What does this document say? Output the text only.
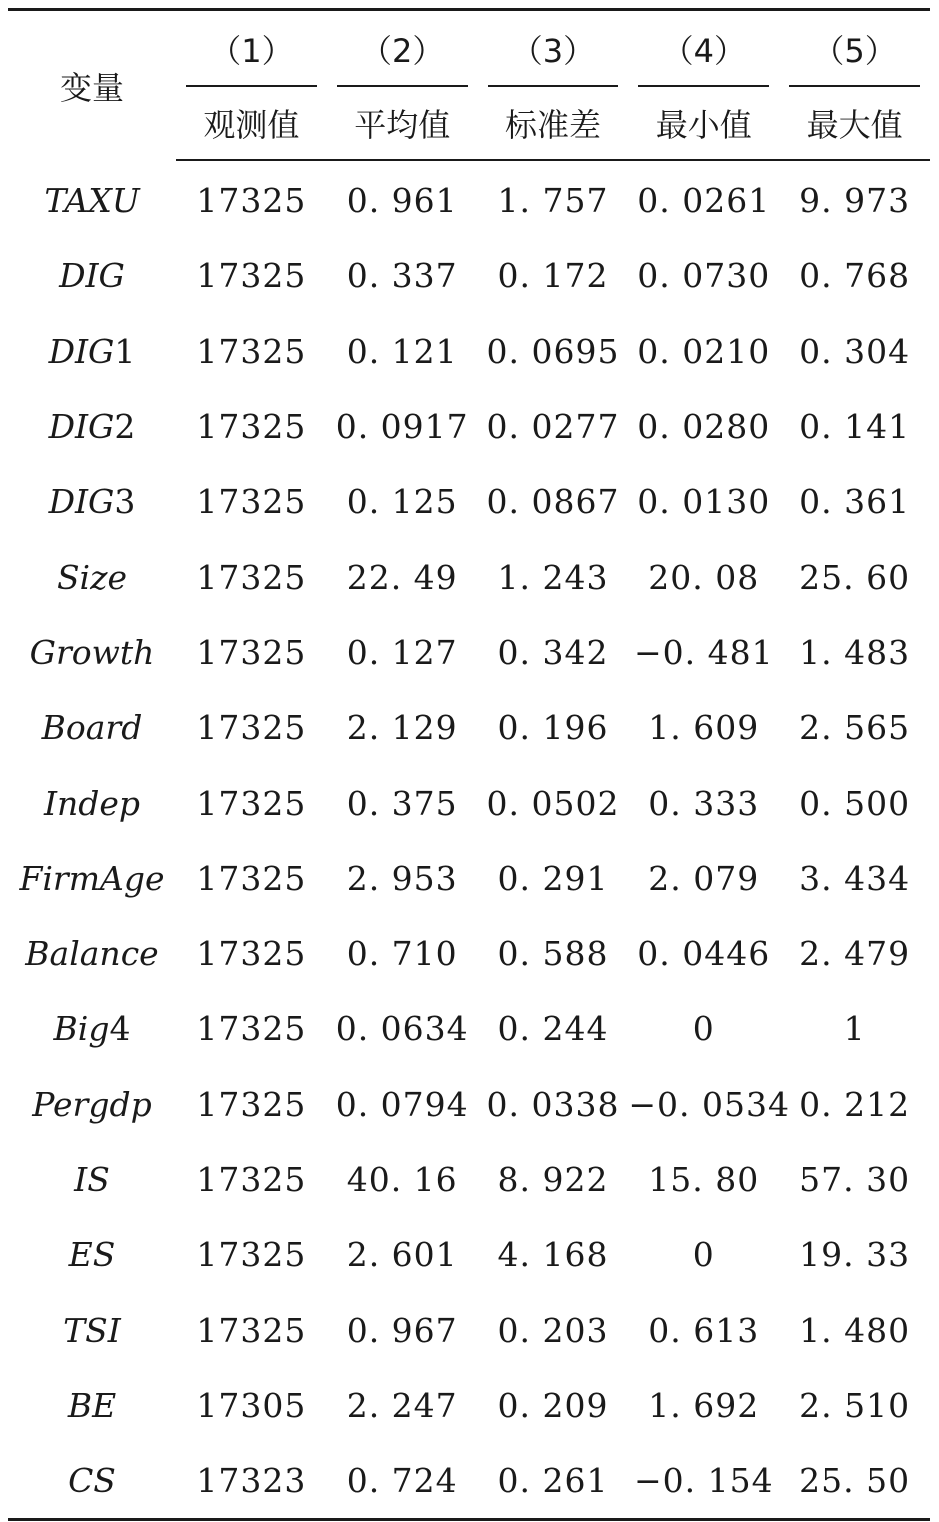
变量	（1）	（2）	（3）	（4）	（5）

	观测值	平均值	标准差	最小值	最大值
TAXU	17325	0. 961	1. 757	0. 0261	9. 973
DIG	17325	0. 337	0. 172	0. 0730	0. 768
DIG1	17325	0. 121	0. 0695	0. 0210	0. 304
DIG2	17325	0. 0917	0. 0277	0. 0280	0. 141
DIG3	17325	0. 125	0. 0867	0. 0130	0. 361
Size	17325	22. 49	1. 243	20. 08	25. 60
Growth	17325	0. 127	0. 342	−0. 481	1. 483
Board	17325	2. 129	0. 196	1. 609	2. 565
Indep	17325	0. 375	0. 0502	0. 333	0. 500
FirmAge	17325	2. 953	0. 291	2. 079	3. 434
Balance	17325	0. 710	0. 588	0. 0446	2. 479
Big4	17325	0. 0634	0. 244	0	1
Pergdp	17325	0. 0794	0. 0338	−0. 0534	0. 212
IS	17325	40. 16	8. 922	15. 80	57. 30
ES	17325	2. 601	4. 168	0	19. 33
TSI	17325	0. 967	0. 203	0. 613	1. 480
BE	17305	2. 247	0. 209	1. 692	2. 510
CS	17323	0. 724	0. 261	−0. 154	25. 50
